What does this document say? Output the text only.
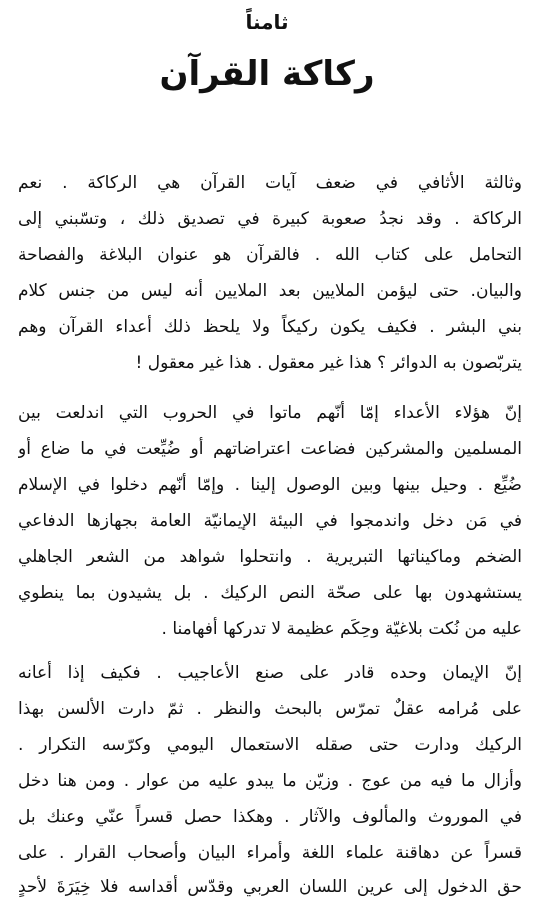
ثامناً
ركاكة القرآن
وثالثة الأثافي في ضعف آيات القرآن هي الركاكة . نعم
الركاكة . وقد نجدُ صعوبة كبيرة في تصديق ذلك ، وتسّبني إلى
التحامل على كتاب الله . فالقرآن هو عنوان البلاغة والفصاحة
والبيان. حتى ليؤمن الملايين بعد الملايين أنه ليس من جنس كلام
بني البشر . فكيف يكون ركيكاً ولا يلحظ ذلك أعداء القرآن وهم
يتربّصون به الدوائر ؟ هذا غير معقول . هذا غير معقول !
إنّ هؤلاء الأعداء إمّا أنّهم ماتوا في الحروب التي اندلعت بين
المسلمين والمشركين فضاعت اعتراضاتهم أو ضُيِّعت في ما ضاع أو
ضُيِّع . وحيل بينها وبين الوصول إلينا . وإمّا أنّهم دخلوا في الإسلام
في مَن دخل واندمجوا في البيئة الإيمانيّة العامة بجهازها الدفاعي
الضخم وماكيناتها التبريرية . وانتحلوا شواهد من الشعر الجاهلي
يستشهدون بها على صحّة النص الركيك . بل يشيدون بما ينطوي
عليه من نُكت بلاغيّة وحِكَم عظيمة لا تدركها أفهامنا .
إنّ الإيمان وحده قادر على صنع الأعاجيب . فكيف إذا أعانه
على مُرامه عقلٌ تمرّس بالبحث والنظر . ثمّ دارت الألسن بهذا
الركيك ودارت حتى صقله الاستعمال اليومي وكرّسه التكرار .
وأزال ما فيه من عوج . وزيّن ما يبدو عليه من عوار . ومن هنا دخل
في الموروث والمألوف والآثار . وهكذا حصل قسراً عنّي وعنك بل
قسراً عن دهاقنة علماء اللغة وأمراء البيان وأصحاب القرار . على
حق الدخول إلى عرين اللسان العربي وقدّس أقداسه فلا خِيَرَةَ لأحدٍ
